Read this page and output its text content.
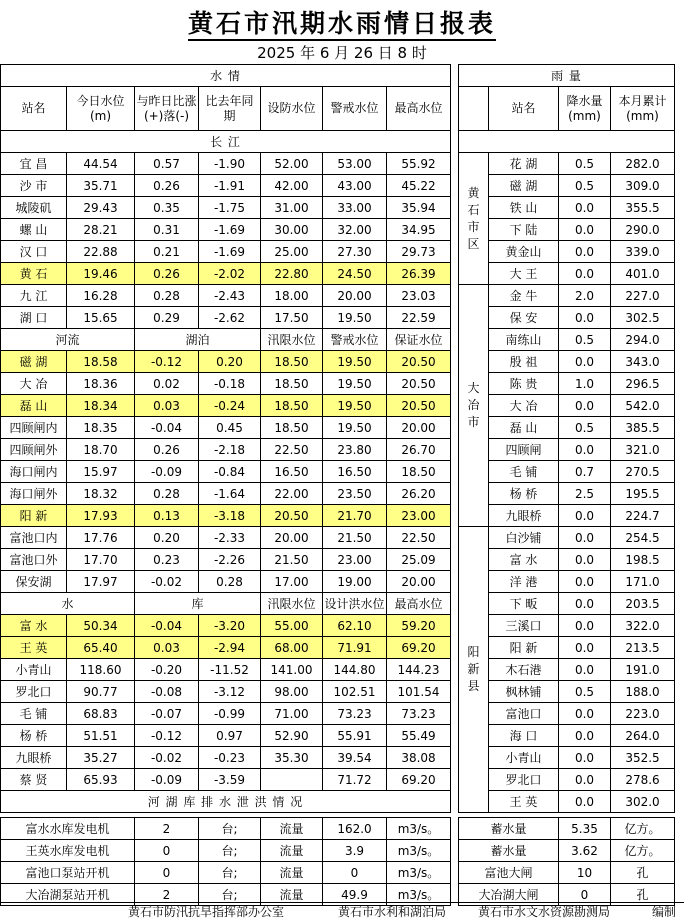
黄石市汛期水雨情日报表
2025 年 6 月 26 日 8 时
水 情								雨 量			
站名	今日水位(m)	与昨日比涨(+)落(-)	比去年同 期	设防水位	警戒水位	最高水位			站名	降水量(mm)	本月累计(mm)
长 江											
宜 昌	44.54	0.57	-1.90	52.00	53.00	55.92		黄石市区	花 湖	0.5	282.0
沙 市	35.71	0.26	-1.91	42.00	43.00	45.22			磁 湖	0.5	309.0
城陵矶	29.43	0.35	-1.75	31.00	33.00	35.94			铁 山	0.0	355.5
螺 山	28.21	0.31	-1.69	30.00	32.00	34.95			下 陆	0.0	290.0
汉 口	22.88	0.21	-1.69	25.00	27.30	29.73			黄金山	0.0	339.0
黄 石	19.46	0.26	-2.02	22.80	24.50	26.39			大 王	0.0	401.0
九 江	16.28	0.28	-2.43	18.00	20.00	23.03		大冶市	金 牛	2.0	227.0
湖 口	15.65	0.29	-2.62	17.50	19.50	22.59			保 安	0.0	302.5
河流		湖泊		汛限水位	警戒水位	保证水位			南练山	0.5	294.0
磁 湖	18.58	-0.12	0.20	18.50	19.50	20.50			殷 祖	0.0	343.0
大 冶	18.36	0.02	-0.18	18.50	19.50	20.50			陈 贵	1.0	296.5
磊 山	18.34	0.03	-0.24	18.50	19.50	20.50			大 冶	0.0	542.0
四顾闸内	18.35	-0.04	0.45	18.50	19.50	20.00			磊 山	0.5	385.5
四顾闸外	18.70	0.26	-2.18	22.50	23.80	26.70			四顾闸	0.0	321.0
海口闸内	15.97	-0.09	-0.84	16.50	16.50	18.50			毛 铺	0.7	270.5
海口闸外	18.32	0.28	-1.64	22.00	23.50	26.20			杨 桥	2.5	195.5
阳 新	17.93	0.13	-3.18	20.50	21.70	23.00			九眼桥	0.0	224.7
富池口内	17.76	0.20	-2.33	20.00	21.50	22.50		阳新县	白沙铺	0.0	254.5
富池口外	17.70	0.23	-2.26	21.50	23.00	25.09			富 水	0.0	198.5
保安湖	17.97	-0.02	0.28	17.00	19.00	20.00			洋 港	0.0	171.0
水		库		汛限水位	设计洪水位	最高水位			下 畈	0.0	203.5
富 水	50.34	-0.04	-3.20	55.00	62.10	59.20			三溪口	0.0	322.0
王 英	65.40	0.03	-2.94	68.00	71.91	69.20			阳 新	0.0	213.5
小青山	118.60	-0.20	-11.52	141.00	144.80	144.23			木石港	0.0	191.0
罗北口	90.77	-0.08	-3.12	98.00	102.51	101.54			枫林铺	0.5	188.0
毛 铺	68.83	-0.07	-0.99	71.00	73.23	73.23			富池口	0.0	223.0
杨 桥	51.51	-0.12	0.97	52.90	55.91	55.49			海 口	0.0	264.0
九眼桥	35.27	-0.02	-0.23	35.30	39.54	38.08			小青山	0.0	352.5
蔡 贤	65.93	-0.09	-3.59		71.72	69.20			罗北口	0.0	278.6
河 湖 库 排 水 泄 洪 情 况									王 英	0.0	302.0
富水水库发电机	2	台;	流量	162.0	m3/s。		蓄水量	5.35	亿方。
王英水库发电机	0	台;	流量	3.9	m3/s。		蓄水量	3.62	亿方。
富池口泵站开机	0	台;	流量	0	m3/s。		富池大闸	10	孔
大冶湖泵站开机	2	台;	流量	49.9	m3/s。		大冶湖大闸	0	孔
黄石市防汛抗旱指挥部办公室	黄石市水利和湖泊局	黄石市水文水资源勘测局	编制
